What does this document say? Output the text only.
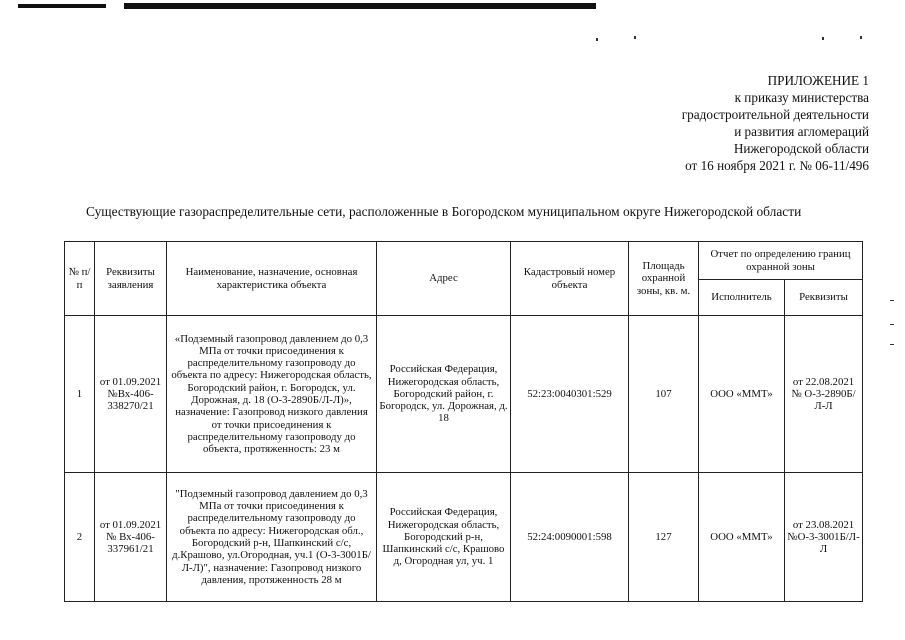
ПРИЛОЖЕНИЕ 1
к приказу министерства
градостроительной деятельности
и развития агломераций
Нижегородской области
от 16 ноября 2021 г. № 06-11/496
Существующие газораспределительные сети, расположенные в Богородском муниципальном округе Нижегородской области
№ п/п	Реквизиты заявления	Наименование, назначение, основная характеристика объекта	Адрес	Кадастровый номер объекта	Площадь охранной зоны, кв. м.	Отчет по определению границ охранной зоны	
						Исполнитель	Реквизиты
1	от 01.09.2021 №Вх-406-338270/21	«Подземный газопровод давлением до 0,3 МПа от точки присоединения к распределительному газопроводу до объекта по адресу: Нижегородская область, Богородский район, г. Богородск, ул. Дорожная, д. 18 (О-3-2890Б/Л-Л)», назначение: Газопровод низкого давления от точки присоединения к распределительному газопроводу до объекта, протяженность: 23 м	Российская Федерация, Нижегородская область, Богородский район, г. Богородск, ул. Дорожная, д. 18	52:23:0040301:529	107	ООО «ММТ»	от 22.08.2021 № О-3-2890Б/Л-Л
2	от 01.09.2021 № Вх-406-337961/21	"Подземный газопровод давлением до 0,3 МПа от точки присоединения к распределительному газопроводу до объекта по адресу: Нижегородская обл., Богородский р-н, Шапкинский с/с, д.Крашово, ул.Огородная, уч.1 (О-3-3001Б/Л-Л)", назначение: Газопровод низкого давления, протяженность 28 м	Российская Федерация, Нижегородская область, Богородский р-н, Шапкинский с/с, Крашово д, Огородная ул, уч. 1	52:24:0090001:598	127	ООО «ММТ»	от 23.08.2021 №О-3-3001Б/Л-Л
